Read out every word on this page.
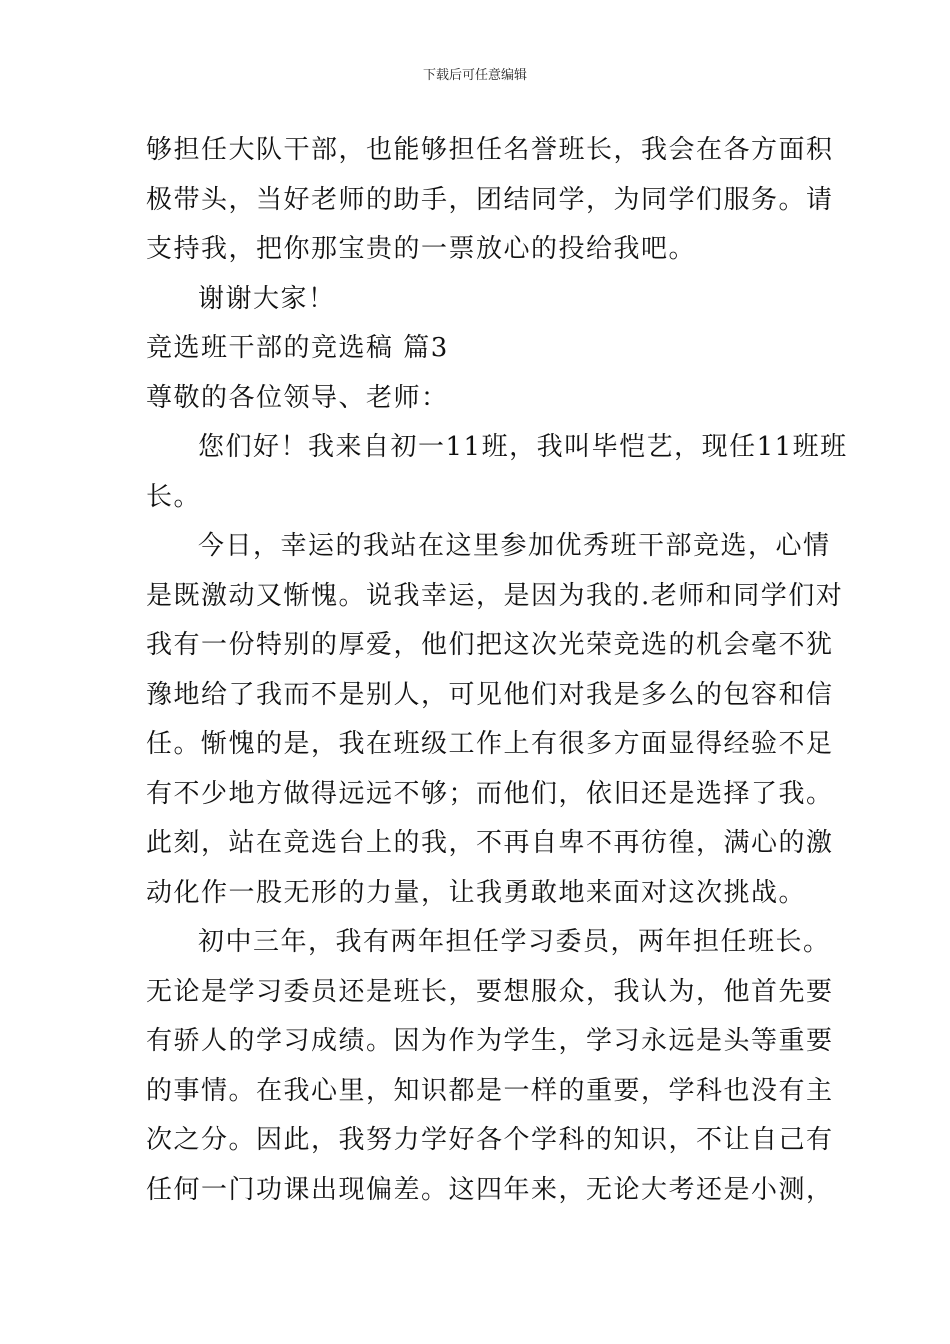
下载后可任意编辑
够担任大队干部，也能够担任名誉班长，我会在各方面积
极带头，当好老师的助手，团结同学，为同学们服务。请
支持我，把你那宝贵的一票放心的投给我吧。
谢谢大家！
竞选班干部的竞选稿 篇3
尊敬的各位领导、老师：
您们好！我来自初一11班，我叫毕恺艺，现任11班班
长。
今日，幸运的我站在这里参加优秀班干部竞选，心情
是既激动又惭愧。说我幸运，是因为我的.老师和同学们对
我有一份特别的厚爱，他们把这次光荣竞选的机会毫不犹
豫地给了我而不是别人，可见他们对我是多么的包容和信
任。惭愧的是，我在班级工作上有很多方面显得经验不足
有不少地方做得远远不够；而他们，依旧还是选择了我。
此刻，站在竞选台上的我，不再自卑不再彷徨，满心的激
动化作一股无形的力量，让我勇敢地来面对这次挑战。
初中三年，我有两年担任学习委员，两年担任班长。
无论是学习委员还是班长，要想服众，我认为，他首先要
有骄人的学习成绩。因为作为学生，学习永远是头等重要
的事情。在我心里，知识都是一样的重要，学科也没有主
次之分。因此，我努力学好各个学科的知识，不让自己有
任何一门功课出现偏差。这四年来，无论大考还是小测，
